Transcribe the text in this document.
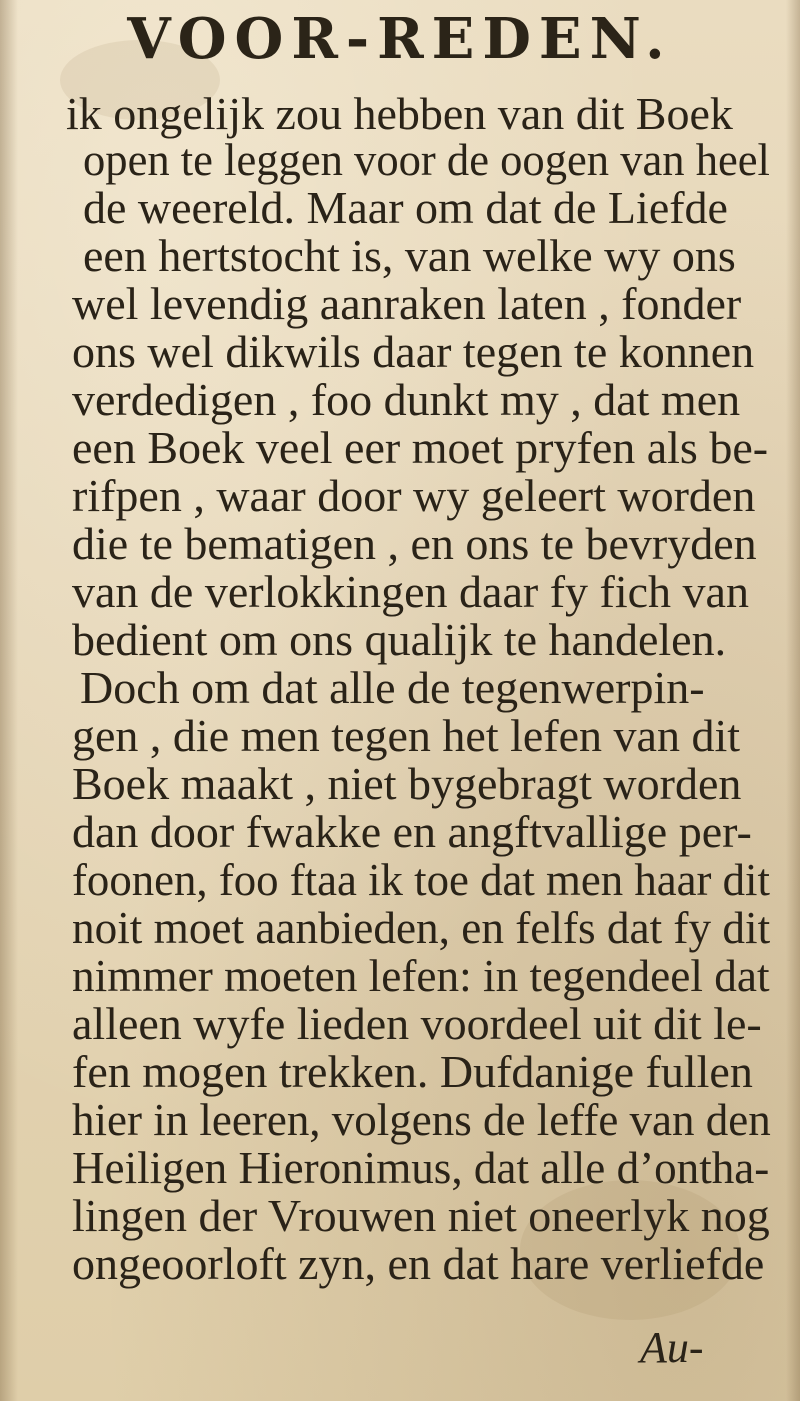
VOOR-REDEN.
ik ongelijk zou hebben van dit Boek
open te leggen voor de oogen van heel
de weereld. Maar om dat de Liefde
een hertstocht is, van welke wy ons
wel levendig aanraken laten , fonder
ons wel dikwils daar tegen te konnen
verdedigen , foo dunkt my , dat men
een Boek veel eer moet pryfen als be-
rifpen , waar door wy geleert worden
die te bematigen , en ons te bevryden
van de verlokkingen daar fy fich van
bedient om ons qualijk te handelen.
Doch om dat alle de tegenwerpin-
gen , die men tegen het lefen van dit
Boek maakt , niet bygebragt worden
dan door fwakke en angftvallige per-
foonen, foo ftaa ik toe dat men haar dit
noit moet aanbieden, en felfs dat fy dit
nimmer moeten lefen: in tegendeel dat
alleen wyfe lieden voordeel uit dit le-
fen mogen trekken. Dufdanige fullen
hier in leeren, volgens de leffe van den
Heiligen Hieronimus, dat alle d’ontha-
lingen der Vrouwen niet oneerlyk nog
ongeoorloft zyn, en dat hare verliefde
Au-
